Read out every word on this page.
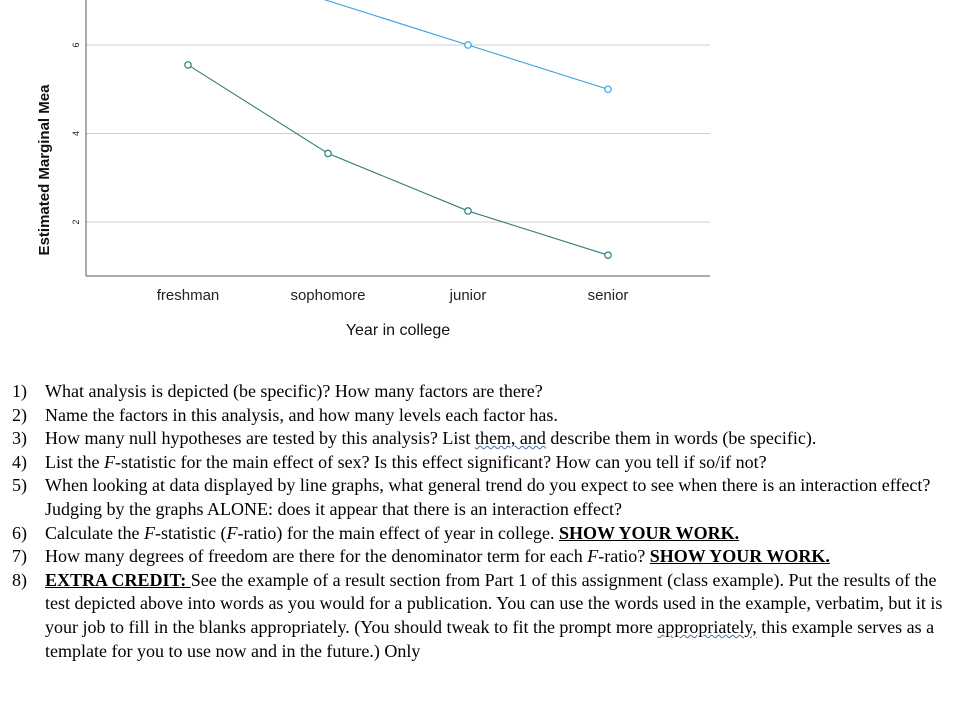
2
4
6
freshman	sophomore	junior	senior
Estimated Marginal Mea
Year in college
1)	What analysis is depicted (be specific)? How many factors are there?
2)	Name the factors in this analysis, and how many levels each factor has.
3)	How many null hypotheses are tested by this analysis? List them, and describe them in words (be specific).
4)	List the F-statistic for the main effect of sex? Is this effect significant? How can you tell if so/if not?
5)	When looking at data displayed by line graphs, what general trend do you expect to see when there is an interaction effect? Judging by the graphs ALONE: does it appear that there is an interaction effect?
6)	Calculate the F-statistic (F-ratio) for the main effect of year in college. SHOW YOUR WORK.
7)	How many degrees of freedom are there for the denominator term for each F-ratio? SHOW YOUR WORK.
8)	EXTRA CREDIT: See the example of a result section from Part 1 of this assignment (class example). Put the results of the test depicted above into words as you would for a publication. You can use the words used in the example, verbatim, but it is your job to fill in the blanks appropriately. (You should tweak to fit the prompt more appropriately, this example serves as a template for you to use now and in the future.) Only
